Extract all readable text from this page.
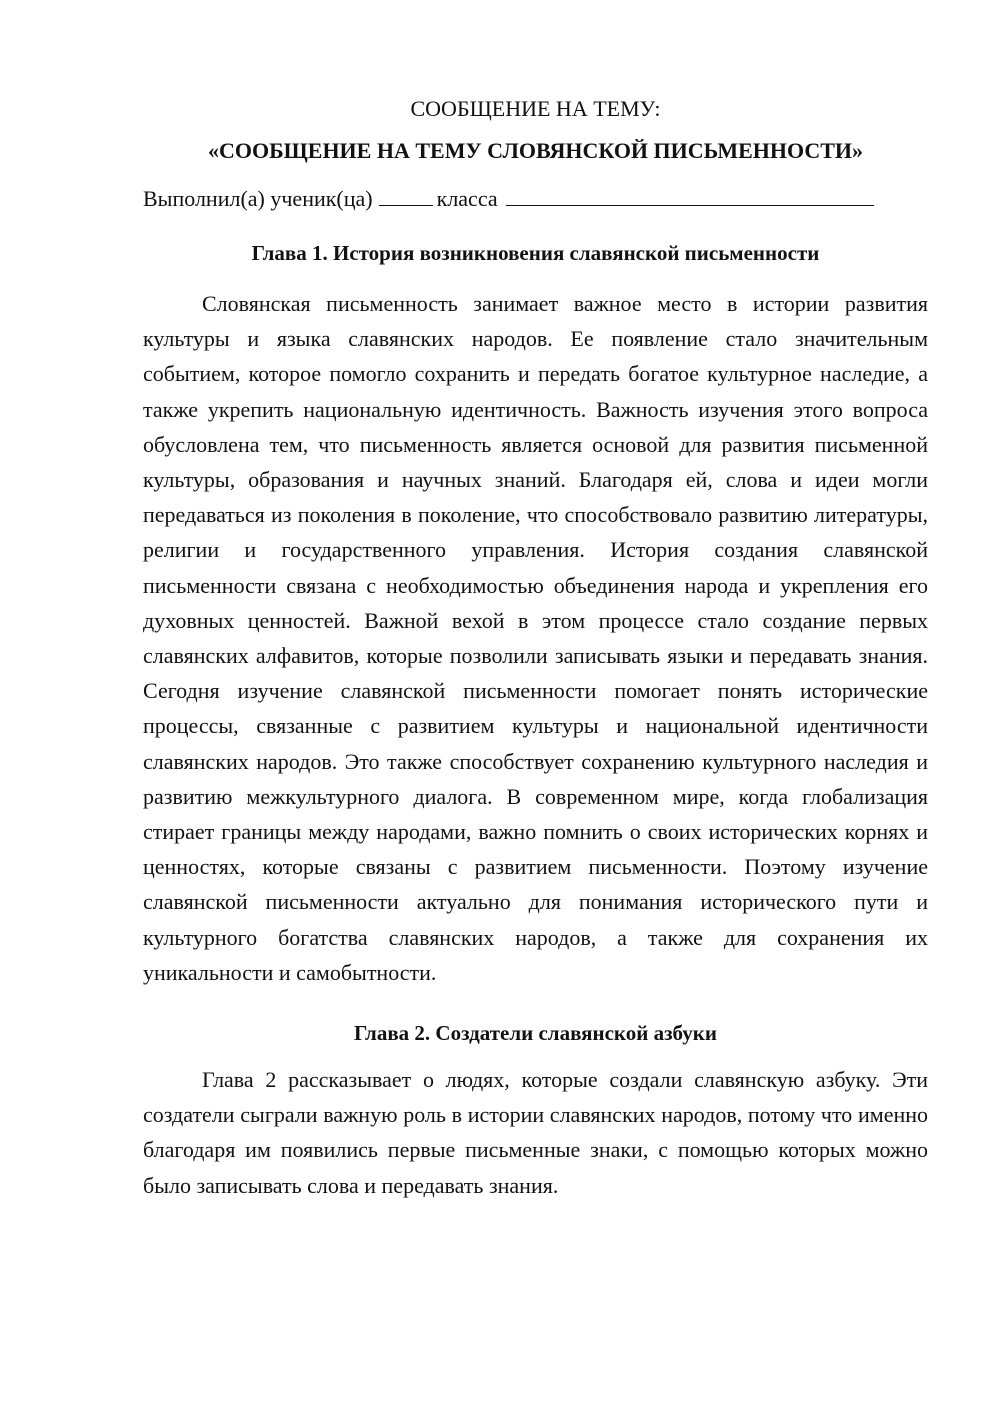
СООБЩЕНИЕ НА ТЕМУ:

«СООБЩЕНИЕ НА ТЕМУ СЛОВЯНСКОЙ ПИСЬМЕННОСТИ»

Выполнил(а) ученик(ца)	класса

Глава 1. История возникновения славянской письменности

Словянская письменность занимает важное место в истории развития культуры и языка славянских народов. Ее появление стало значительным событием, которое помогло сохранить и передать богатое культурное наследие, а также укрепить национальную идентичность. Важность изучения этого вопроса обусловлена тем, что письменность является основой для развития письменной культуры, образования и научных знаний. Благодаря ей, слова и идеи могли передаваться из поколения в поколение, что способствовало развитию литературы, религии и государственного управления. История создания славянской письменности связана с необходимостью объединения народа и укрепления его духовных ценностей. Важной вехой в этом процессе стало создание первых славянских алфавитов, которые позволили записывать языки и передавать знания. Сегодня изучение славянской письменности помогает понять исторические процессы, связанные с развитием культуры и национальной идентичности славянских народов. Это также способствует сохранению культурного наследия и развитию межкультурного диалога. В современном мире, когда глобализация стирает границы между народами, важно помнить о своих исторических корнях и ценностях, которые связаны с развитием письменности. Поэтому изучение славянской письменности актуально для понимания исторического пути и культурного богатства славянских народов, а также для сохранения их уникальности и самобытности.

Глава 2. Создатели славянской азбуки

Глава 2 рассказывает о людях, которые создали славянскую азбуку. Эти создатели сыграли важную роль в истории славянских народов, потому что именно благодаря им появились первые письменные знаки, с помощью которых можно было записывать слова и передавать знания.
